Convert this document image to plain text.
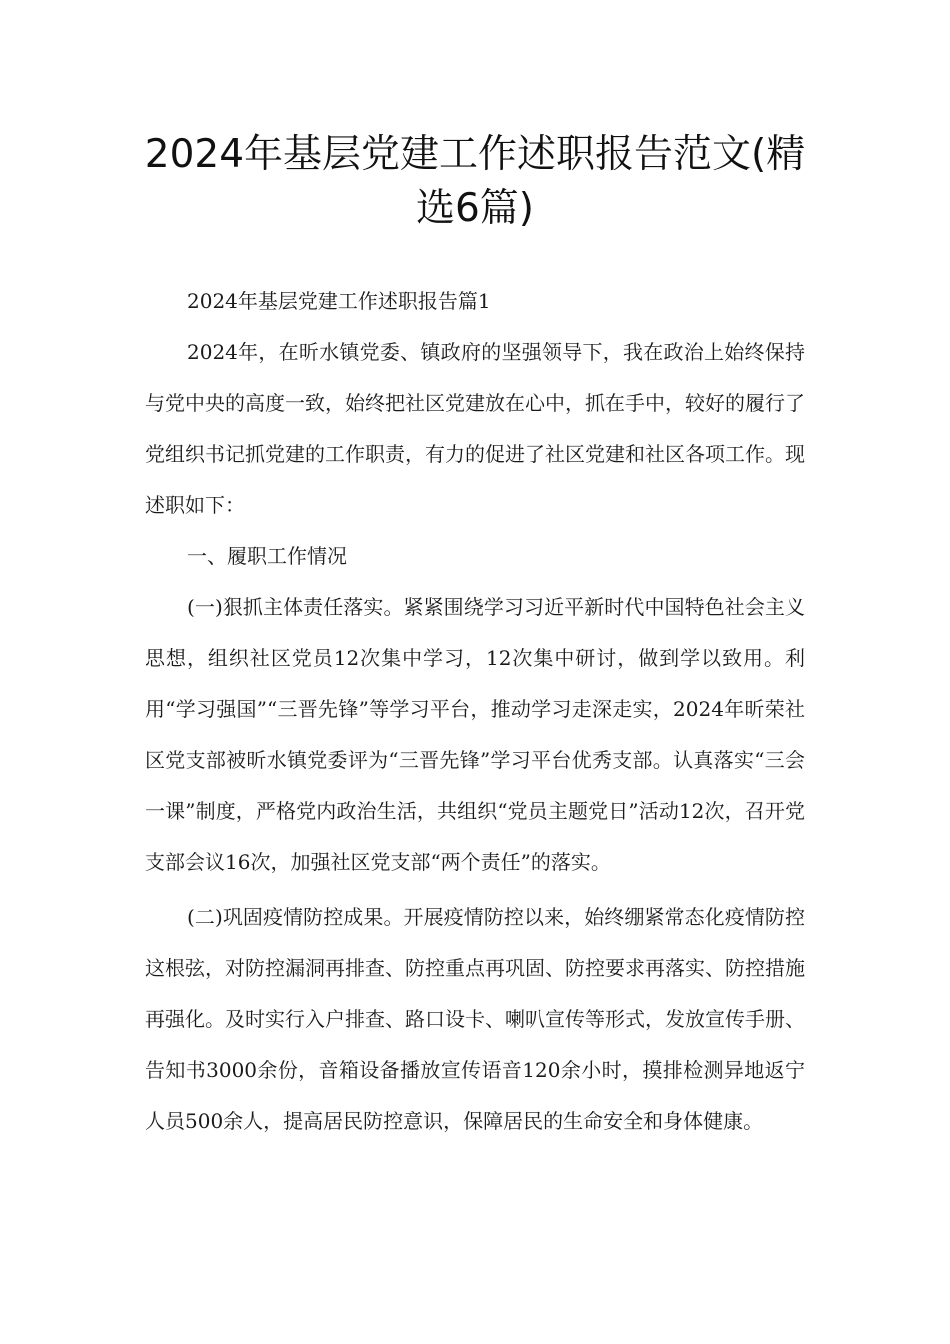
2024年基层党建工作述职报告范文(精选6篇)

2024年基层党建工作述职报告篇1

2024年，在昕水镇党委、镇政府的坚强领导下，我在政治上始终保持与党中央的高度一致，始终把社区党建放在心中，抓在手中，较好的履行了党组织书记抓党建的工作职责，有力的促进了社区党建和社区各项工作。现述职如下：

一、履职工作情况

(一)狠抓主体责任落实。紧紧围绕学习习近平新时代中国特色社会主义思想，组织社区党员12次集中学习，12次集中研讨，做到学以致用。利用“学习强国”“三晋先锋”等学习平台，推动学习走深走实，2024年昕荣社区党支部被昕水镇党委评为“三晋先锋”学习平台优秀支部。认真落实“三会一课”制度，严格党内政治生活，共组织“党员主题党日”活动12次，召开党支部会议16次，加强社区党支部“两个责任”的落实。

(二)巩固疫情防控成果。开展疫情防控以来，始终绷紧常态化疫情防控这根弦，对防控漏洞再排查、防控重点再巩固、防控要求再落实、防控措施再强化。及时实行入户排查、路口设卡、喇叭宣传等形式，发放宣传手册、告知书3000余份，音箱设备播放宣传语音120余小时，摸排检测异地返宁人员500余人，提高居民防控意识，保障居民的生命安全和身体健康。
